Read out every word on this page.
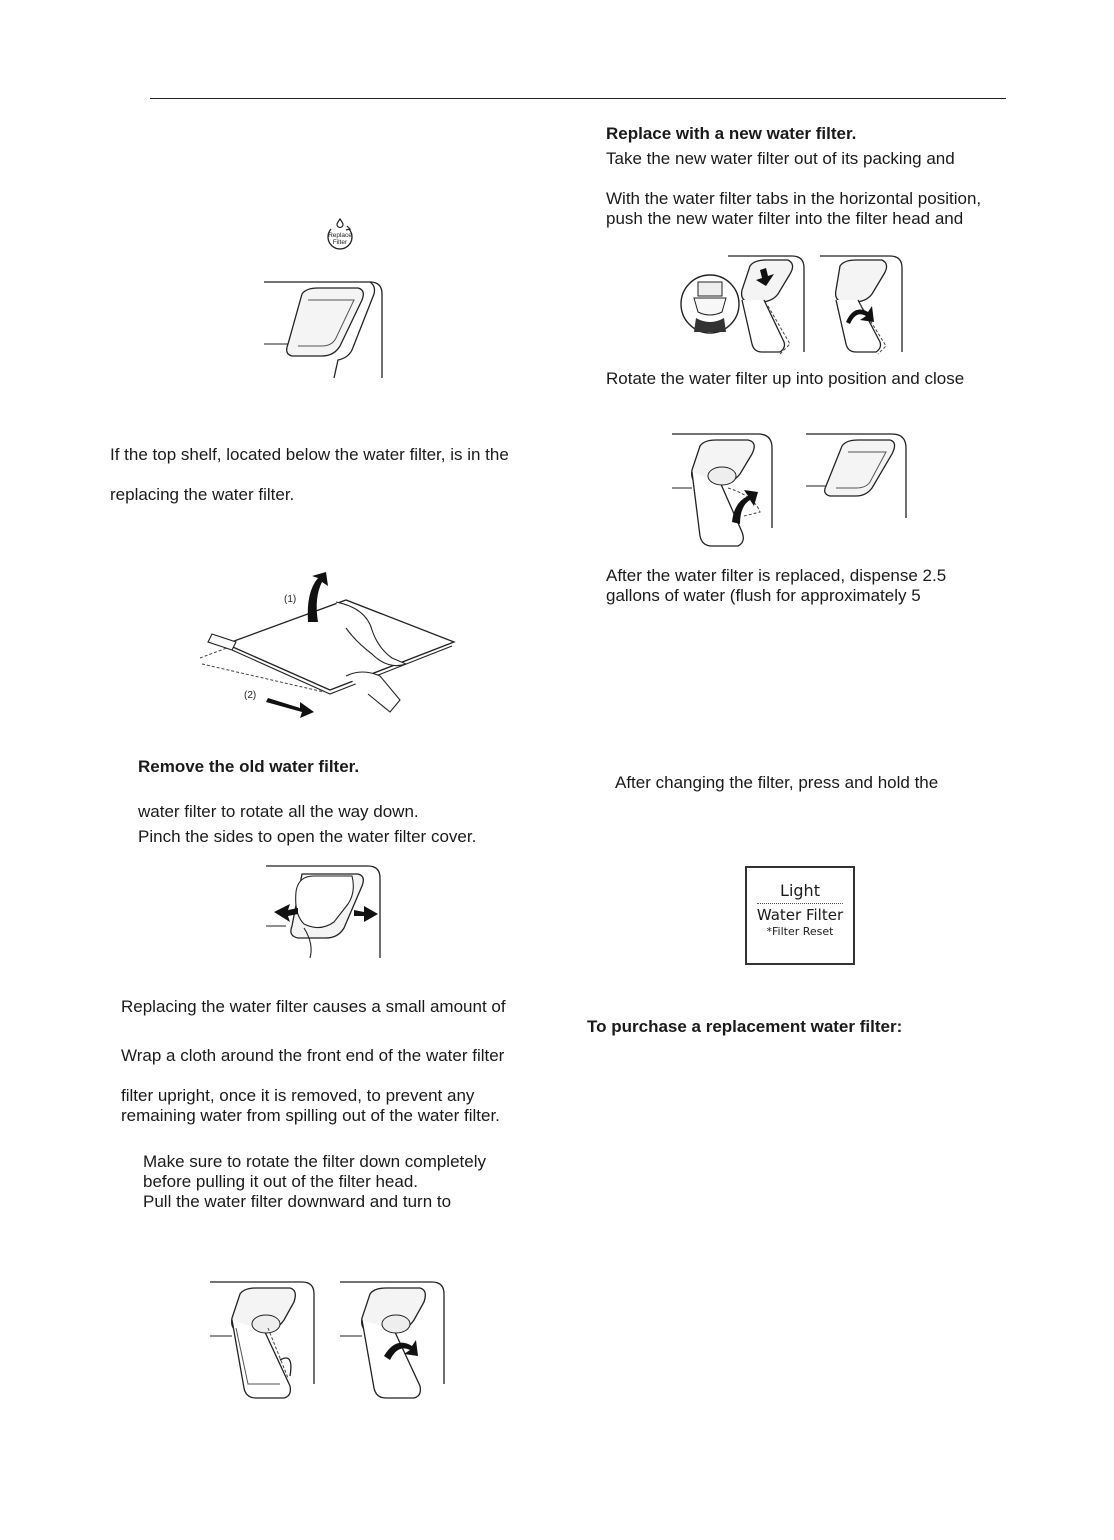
Replace
Filter
If the top shelf, located below the water filter, is in the
replacing the water filter.
(1)
(2)
Remove the old water filter.
water filter to rotate all the way down.
Pinch the sides to open the water filter cover.
Replacing the water filter causes a small amount of
Wrap a cloth around the front end of the water filter
filter upright, once it is removed, to prevent any
remaining water from spilling out of the water filter.
Make sure to rotate the filter down completely
before pulling it out of the filter head.
Pull the water filter downward and turn to
Replace with a new water filter.
Take the new water filter out of its packing and
With the water filter tabs in the horizontal position,
push the new water filter into the filter head and
Rotate the water filter up into position and close
After the water filter is replaced, dispense 2.5
gallons of water (flush for approximately 5
After changing the filter, press and hold the
Light
Water Filter
*Filter Reset
To purchase a replacement water filter:
